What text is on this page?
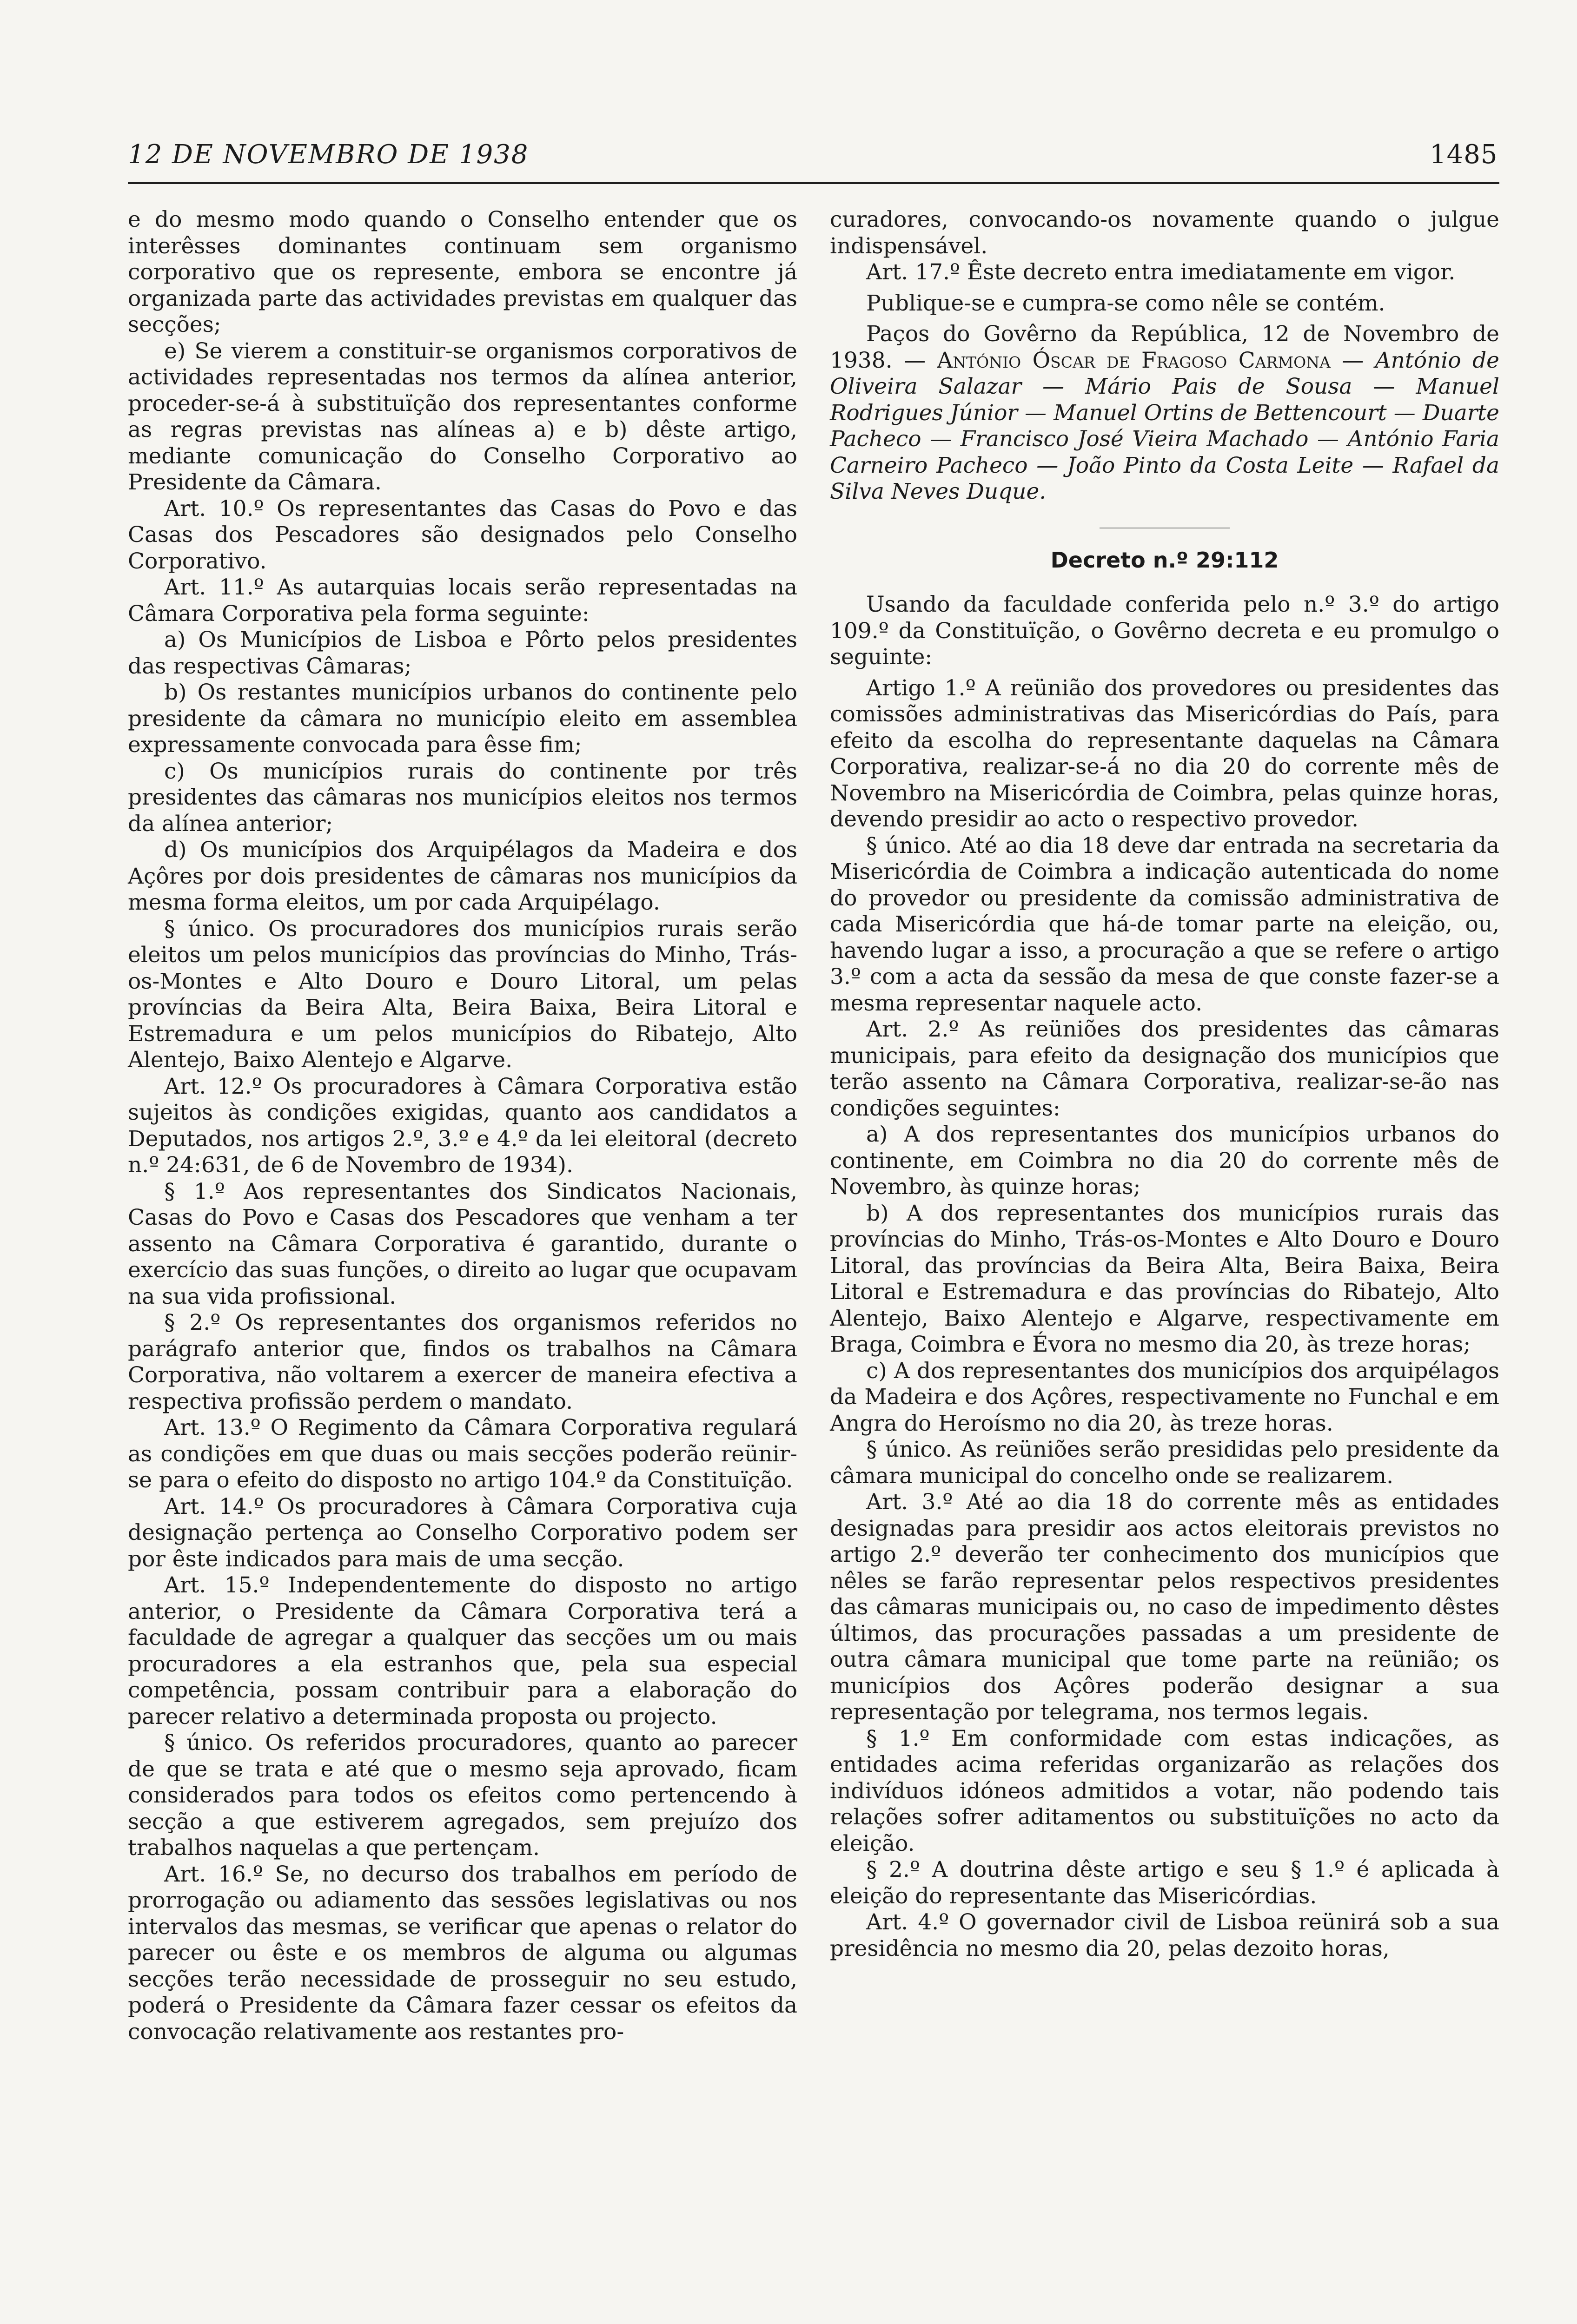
12 DE NOVEMBRO DE 1938	1485

e do mesmo modo quando o Conselho entender que os interêsses dominantes continuam sem organismo corporativo que os represente, embora se encontre já organizada parte das actividades previstas em qualquer das secções;

e) Se vierem a constituir-se organismos corporativos de actividades representadas nos termos da alínea anterior, proceder-se-á à substituïção dos representantes conforme as regras previstas nas alíneas a) e b) dêste artigo, mediante comunicação do Conselho Corporativo ao Presidente da Câmara.

Art. 10.º Os representantes das Casas do Povo e das Casas dos Pescadores são designados pelo Conselho Corporativo.

Art. 11.º As autarquias locais serão representadas na Câmara Corporativa pela forma seguinte:

a) Os Municípios de Lisboa e Pôrto pelos presidentes das respectivas Câmaras;

b) Os restantes municípios urbanos do continente pelo presidente da câmara no município eleito em assemblea expressamente convocada para êsse fim;

c) Os municípios rurais do continente por três presidentes das câmaras nos municípios eleitos nos termos da alínea anterior;

d) Os municípios dos Arquipélagos da Madeira e dos Açôres por dois presidentes de câmaras nos municípios da mesma forma eleitos, um por cada Arquipélago.

§ único. Os procuradores dos municípios rurais serão eleitos um pelos municípios das províncias do Minho, Trás-os-Montes e Alto Douro e Douro Litoral, um pelas províncias da Beira Alta, Beira Baixa, Beira Litoral e Estremadura e um pelos municípios do Ribatejo, Alto Alentejo, Baixo Alentejo e Algarve.

Art. 12.º Os procuradores à Câmara Corporativa estão sujeitos às condições exigidas, quanto aos candidatos a Deputados, nos artigos 2.º, 3.º e 4.º da lei eleitoral (decreto n.º 24:631, de 6 de Novembro de 1934).

§ 1.º Aos representantes dos Sindicatos Nacionais, Casas do Povo e Casas dos Pescadores que venham a ter assento na Câmara Corporativa é garantido, durante o exercício das suas funções, o direito ao lugar que ocupavam na sua vida profissional.

§ 2.º Os representantes dos organismos referidos no parágrafo anterior que, findos os trabalhos na Câmara Corporativa, não voltarem a exercer de maneira efectiva a respectiva profissão perdem o mandato.

Art. 13.º O Regimento da Câmara Corporativa regulará as condições em que duas ou mais secções poderão reünir-se para o efeito do disposto no artigo 104.º da Constituïção.

Art. 14.º Os procuradores à Câmara Corporativa cuja designação pertença ao Conselho Corporativo podem ser por êste indicados para mais de uma secção.

Art. 15.º Independentemente do disposto no artigo anterior, o Presidente da Câmara Corporativa terá a faculdade de agregar a qualquer das secções um ou mais procuradores a ela estranhos que, pela sua especial competência, possam contribuir para a elaboração do parecer relativo a determinada proposta ou projecto.

§ único. Os referidos procuradores, quanto ao parecer de que se trata e até que o mesmo seja aprovado, ficam considerados para todos os efeitos como pertencendo à secção a que estiverem agregados, sem prejuízo dos trabalhos naquelas a que pertençam.

Art. 16.º Se, no decurso dos trabalhos em período de prorrogação ou adiamento das sessões legislativas ou nos intervalos das mesmas, se verificar que apenas o relator do parecer ou êste e os membros de alguma ou algumas secções terão necessidade de prosseguir no seu estudo, poderá o Presidente da Câmara fazer cessar os efeitos da convocação relativamente aos restantes pro-

curadores, convocando-os novamente quando o julgue indispensável.

Art. 17.º Êste decreto entra imediatamente em vigor.

Publique-se e cumpra-se como nêle se contém.

Paços do Govêrno da República, 12 de Novembro de 1938. — António Óscar de Fragoso Carmona — António de Oliveira Salazar — Mário Pais de Sousa — Manuel Rodrigues Júnior — Manuel Ortins de Bettencourt — Duarte Pacheco — Francisco José Vieira Machado — António Faria Carneiro Pacheco — João Pinto da Costa Leite — Rafael da Silva Neves Duque.

Decreto n.º 29:112

Usando da faculdade conferida pelo n.º 3.º do artigo 109.º da Constituïção, o Govêrno decreta e eu promulgo o seguinte:

Artigo 1.º A reünião dos provedores ou presidentes das comissões administrativas das Misericórdias do País, para efeito da escolha do representante daquelas na Câmara Corporativa, realizar-se-á no dia 20 do corrente mês de Novembro na Misericórdia de Coimbra, pelas quinze horas, devendo presidir ao acto o respectivo provedor.

§ único. Até ao dia 18 deve dar entrada na secretaria da Misericórdia de Coimbra a indicação autenticada do nome do provedor ou presidente da comissão administrativa de cada Misericórdia que há-de tomar parte na eleição, ou, havendo lugar a isso, a procuração a que se refere o artigo 3.º com a acta da sessão da mesa de que conste fazer-se a mesma representar naquele acto.

Art. 2.º As reüniões dos presidentes das câmaras municipais, para efeito da designação dos municípios que terão assento na Câmara Corporativa, realizar-se-ão nas condições seguintes:

a) A dos representantes dos municípios urbanos do continente, em Coimbra no dia 20 do corrente mês de Novembro, às quinze horas;

b) A dos representantes dos municípios rurais das províncias do Minho, Trás-os-Montes e Alto Douro e Douro Litoral, das províncias da Beira Alta, Beira Baixa, Beira Litoral e Estremadura e das províncias do Ribatejo, Alto Alentejo, Baixo Alentejo e Algarve, respectivamente em Braga, Coimbra e Évora no mesmo dia 20, às treze horas;

c) A dos representantes dos municípios dos arquipélagos da Madeira e dos Açôres, respectivamente no Funchal e em Angra do Heroísmo no dia 20, às treze horas.

§ único. As reüniões serão presididas pelo presidente da câmara municipal do concelho onde se realizarem.

Art. 3.º Até ao dia 18 do corrente mês as entidades designadas para presidir aos actos eleitorais previstos no artigo 2.º deverão ter conhecimento dos municípios que nêles se farão representar pelos respectivos presidentes das câmaras municipais ou, no caso de impedimento dêstes últimos, das procurações passadas a um presidente de outra câmara municipal que tome parte na reünião; os municípios dos Açôres poderão designar a sua representação por telegrama, nos termos legais.

§ 1.º Em conformidade com estas indicações, as entidades acima referidas organizarão as relações dos indivíduos idóneos admitidos a votar, não podendo tais relações sofrer aditamentos ou substituïções no acto da eleição.

§ 2.º A doutrina dêste artigo e seu § 1.º é aplicada à eleição do representante das Misericórdias.

Art. 4.º O governador civil de Lisboa reünirá sob a sua presidência no mesmo dia 20, pelas dezoito horas,
